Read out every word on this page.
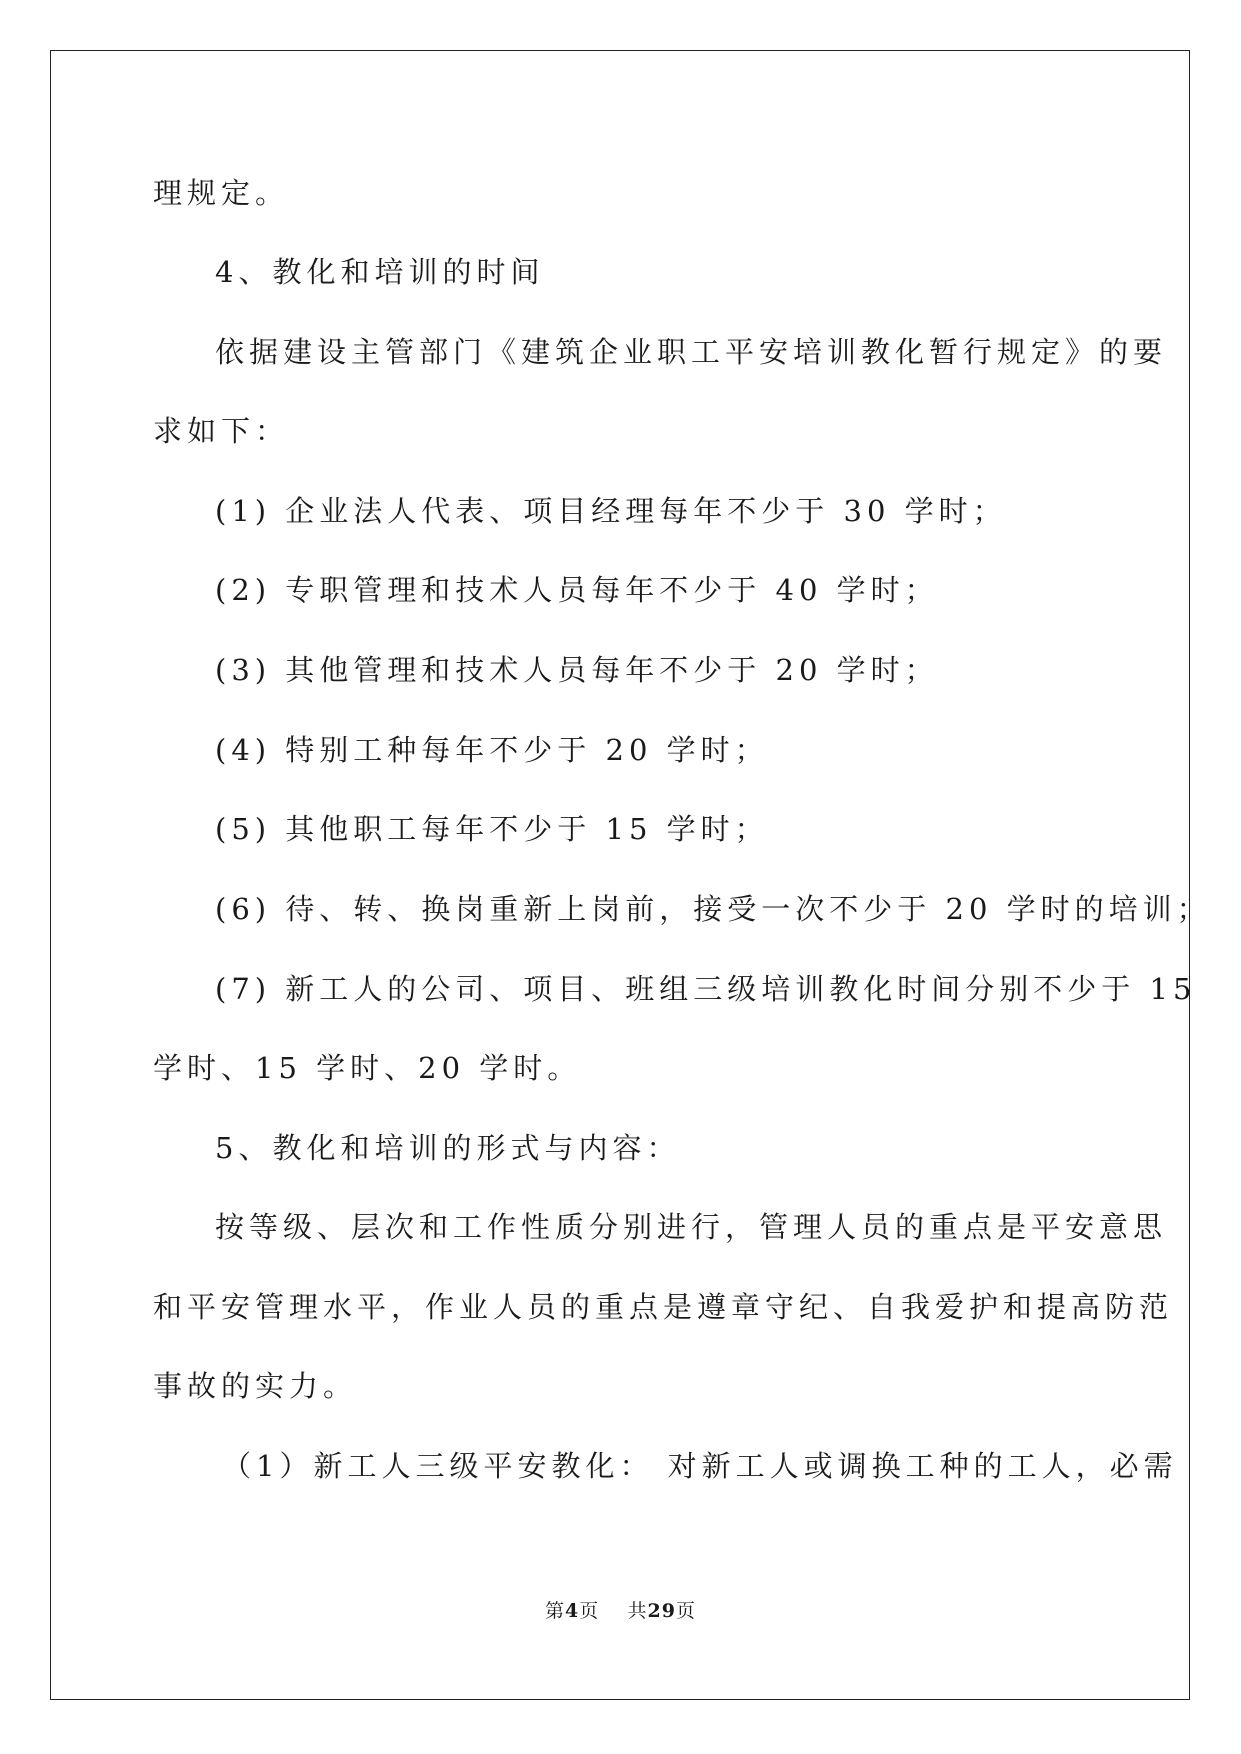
理规定。
4、教化和培训的时间
依据建设主管部门《建筑企业职工平安培训教化暂行规定》的要
求如下：
(1) 企业法人代表、项目经理每年不少于 30 学时；
(2) 专职管理和技术人员每年不少于 40 学时；
(3) 其他管理和技术人员每年不少于 20 学时；
(4) 特别工种每年不少于 20 学时；
(5) 其他职工每年不少于 15 学时；
(6) 待、转、换岗重新上岗前，接受一次不少于 20 学时的培训；
(7) 新工人的公司、项目、班组三级培训教化时间分别不少于 15
学时、15 学时、20 学时。
5、教化和培训的形式与内容：
按等级、层次和工作性质分别进行，管理人员的重点是平安意思
和平安管理水平，作业人员的重点是遵章守纪、自我爱护和提高防范
事故的实力。
（1）新工人三级平安教化： 对新工人或调换工种的工人，必需
第4页 共29页
